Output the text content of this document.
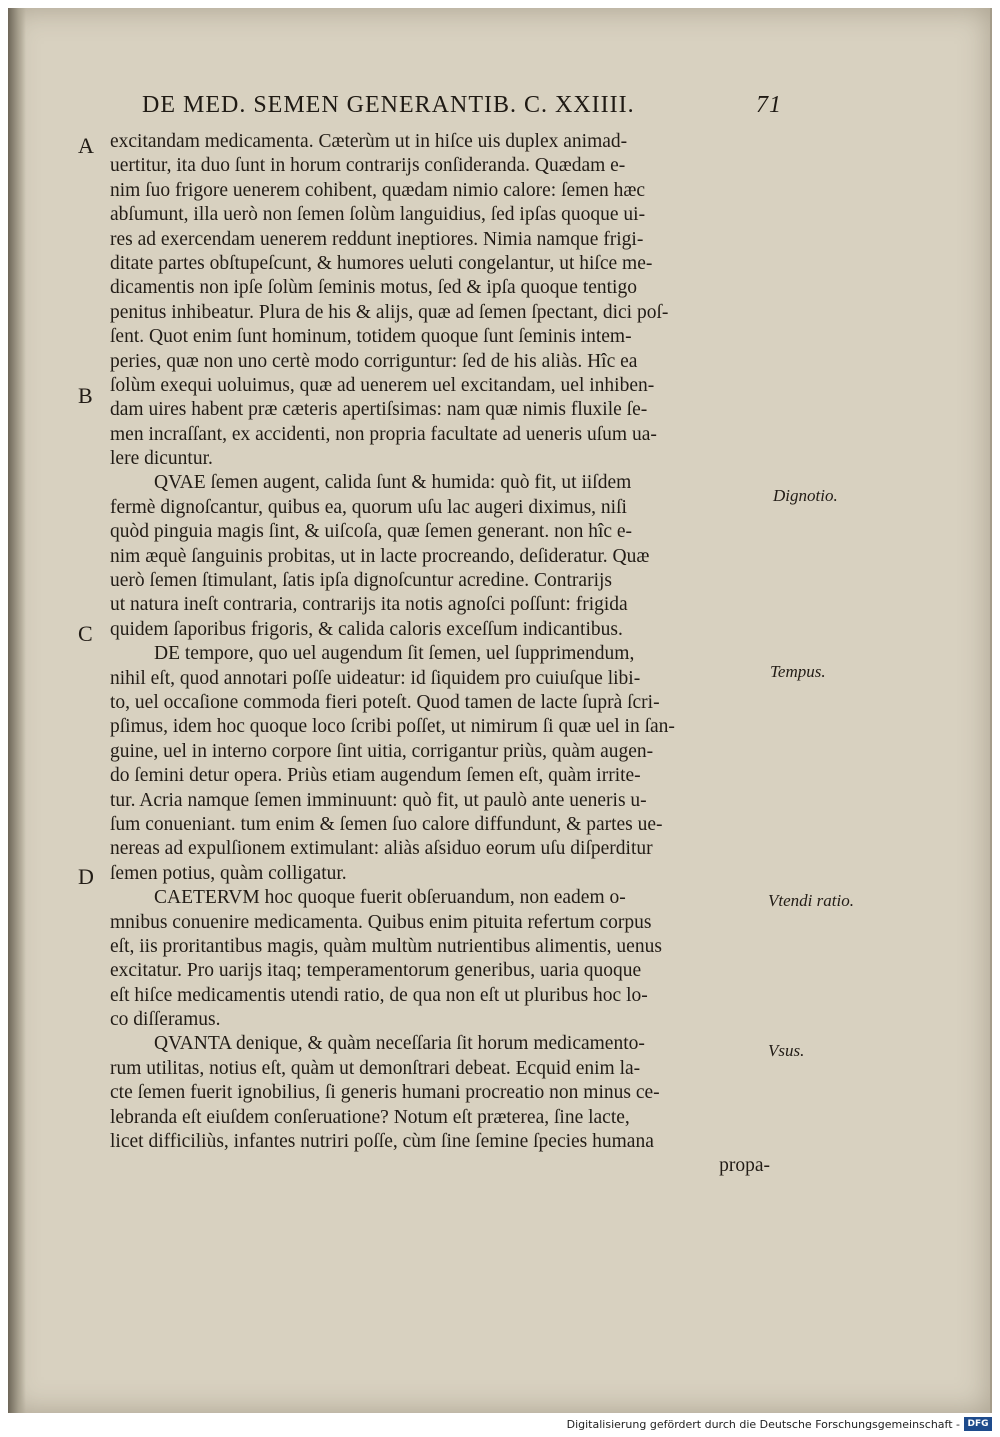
DE MED. SEMEN GENERANTIB. C. XXIIII.	71
A
B
C
D
Dignotio.
Tempus.
Vtendi ratio.
Vsus.
excitandam medicamenta. Cæterùm ut in hiſce uis duplex animad-
uertitur, ita duo ſunt in horum contrarijs conſideranda. Quædam e-
nim ſuo frigore uenerem cohibent, quædam nimio calore: ſemen hæc
abſumunt, illa uerò non ſemen ſolùm languidius, ſed ipſas quoque ui-
res ad exercendam uenerem reddunt ineptiores. Nimia namque frigi-
ditate partes obſtupeſcunt, & humores ueluti congelantur, ut hiſce me-
dicamentis non ipſe ſolùm ſeminis motus, ſed & ipſa quoque tentigo
penitus inhibeatur. Plura de his & alijs, quæ ad ſemen ſpectant, dici poſ-
ſent. Quot enim ſunt hominum, totidem quoque ſunt ſeminis intem-
peries, quæ non uno certè modo corriguntur: ſed de his aliàs. Hîc ea
ſolùm exequi uoluimus, quæ ad uenerem uel excitandam, uel inhiben-
dam uires habent præ cæteris apertiſsimas: nam quæ nimis fluxile ſe-
men incraſſant, ex accidenti, non propria facultate ad ueneris uſum ua-
lere dicuntur.
QVAE ſemen augent, calida ſunt & humida: quò fit, ut iiſdem
fermè dignoſcantur, quibus ea, quorum uſu lac augeri diximus, niſi
quòd pinguia magis ſint, & uiſcoſa, quæ ſemen generant. non hîc e-
nim æquè ſanguinis probitas, ut in lacte procreando, deſideratur. Quæ
uerò ſemen ſtimulant, ſatis ipſa dignoſcuntur acredine. Contrarijs
ut natura ineſt contraria, contrarijs ita notis agnoſci poſſunt: frigida
quidem ſaporibus frigoris, & calida caloris exceſſum indicantibus.
DE tempore, quo uel augendum ſit ſemen, uel ſupprimendum,
nihil eſt, quod annotari poſſe uideatur: id ſiquidem pro cuiuſque libi-
to, uel occaſione commoda fieri poteſt. Quod tamen de lacte ſuprà ſcri-
pſimus, idem hoc quoque loco ſcribi poſſet, ut nimirum ſi quæ uel in ſan-
guine, uel in interno corpore ſint uitia, corrigantur priùs, quàm augen-
do ſemini detur opera. Priùs etiam augendum ſemen eſt, quàm irrite-
tur. Acria namque ſemen imminuunt: quò fit, ut paulò ante ueneris u-
ſum conueniant. tum enim & ſemen ſuo calore diffundunt, & partes ue-
nereas ad expulſionem extimulant: aliàs aſsiduo eorum uſu diſperditur
ſemen potius, quàm colligatur.
CAETERVM hoc quoque fuerit obſeruandum, non eadem o-
mnibus conuenire medicamenta. Quibus enim pituita refertum corpus
eſt, iis proritantibus magis, quàm multùm nutrientibus alimentis, uenus
excitatur. Pro uarijs itaq; temperamentorum generibus, uaria quoque
eſt hiſce medicamentis utendi ratio, de qua non eſt ut pluribus hoc lo-
co diſſeramus.
QVANTA denique, & quàm neceſſaria ſit horum medicamento-
rum utilitas, notius eſt, quàm ut demonſtrari debeat. Ecquid enim la-
cte ſemen fuerit ignobilius, ſi generis humani procreatio non minus ce-
lebranda eſt eiuſdem conſeruatione? Notum eſt præterea, ſine lacte,
licet difficiliùs, infantes nutriri poſſe, cùm ſine ſemine ſpecies humana
propa-
Digitalisierung gefördert durch die Deutsche Forschungsgemeinschaft - DFG
